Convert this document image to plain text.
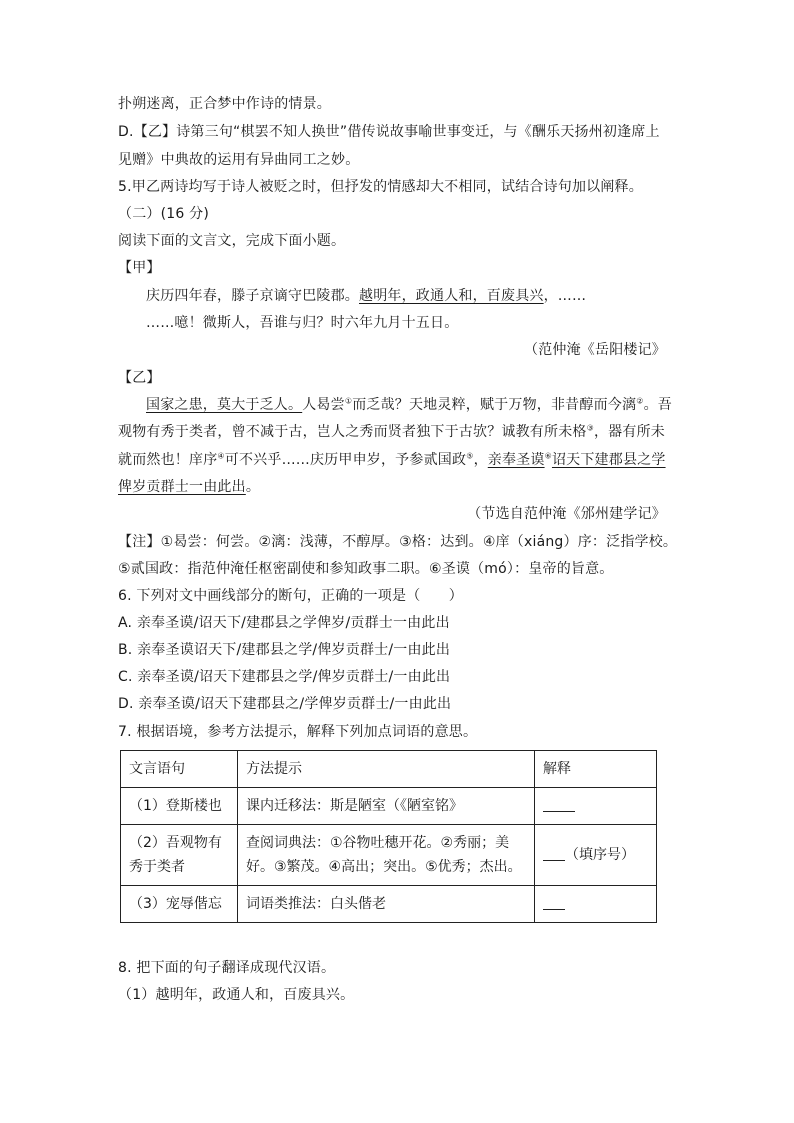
扑朔迷离，正合梦中作诗的情景。
D.【乙】诗第三句“棋罢不知人换世”借传说故事喻世事变迁，与《酬乐天扬州初逢席上
见赠》中典故的运用有异曲同工之妙。
5.甲乙两诗均写于诗人被贬之时，但抒发的情感却大不相同，试结合诗句加以阐释。
（二）(16 分)
阅读下面的文言文，完成下面小题。
【甲】
庆历四年春，滕子京谪守巴陵郡。越明年，政通人和，百废具兴，……
……噫！微斯人，吾谁与归？时六年九月十五日。
（范仲淹《岳阳楼记》
【乙】
国家之患，莫大于乏人。人曷尝①而乏哉？天地灵粹，赋于万物，非昔醇而今漓②。吾
观物有秀于类者，曾不减于古，岂人之秀而贤者独下于古欤？诚教有所未格③，器有所未
就而然也！庠序④可不兴乎……庆历甲申岁，予参贰国政⑤，亲奉圣谟⑥诏天下建郡县之学
俾岁贡群士一由此出。
（节选自范仲淹《邠州建学记》
【注】①曷尝：何尝。②漓：浅薄，不醇厚。③格：达到。④庠（xiáng）序：泛指学校。
⑤贰国政：指范仲淹任枢密副使和参知政事二职。⑥圣谟（mó）：皇帝的旨意。
6. 下列对文中画线部分的断句，正确的一项是（　　）
A. 亲奉圣谟/诏天下/建郡县之学俾岁/贡群士一由此出
B. 亲奉圣谟诏天下/建郡县之学/俾岁贡群士/一由此出
C. 亲奉圣谟/诏天下建郡县之学/俾岁贡群士/一由此出
D. 亲奉圣谟/诏天下建郡县之/学俾岁贡群士/一由此出
7. 根据语境，参考方法提示，解释下列加点词语的意思。
文言语句	方法提示	解释
（1）登斯楼也	课内迁移法：斯是陋室（《陋室铭》	
（2）吾观物有秀于类者	查阅词典法：①谷物吐穗开花。②秀丽；美好。③繁茂。④高出；突出。⑤优秀；杰出。	（填序号）
（3）宠辱偕忘	词语类推法：白头偕老	
8. 把下面的句子翻译成现代汉语。
（1）越明年，政通人和，百废具兴。
